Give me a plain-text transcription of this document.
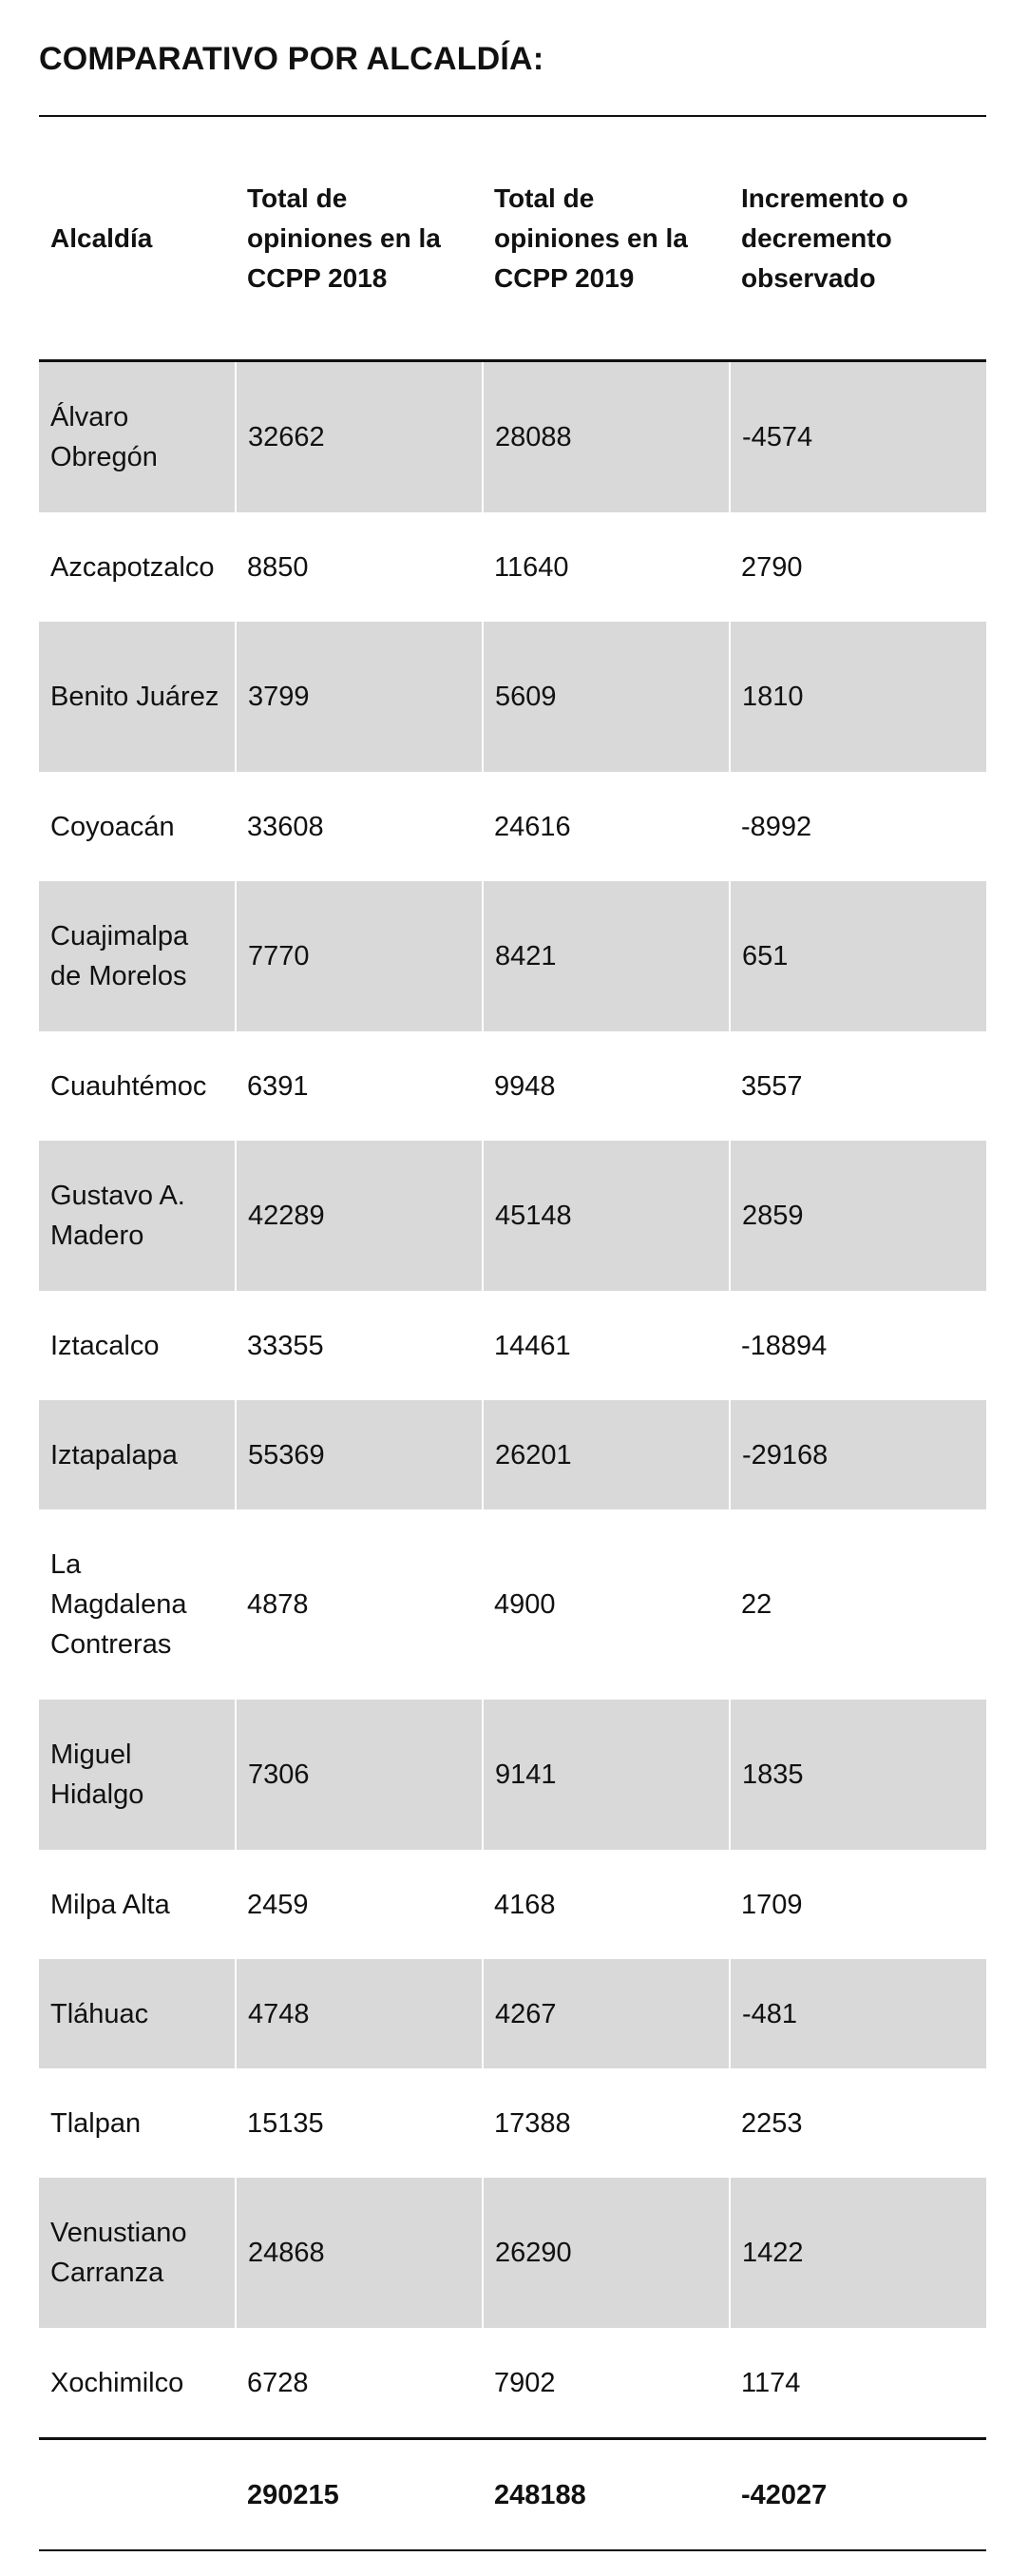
COMPARATIVO POR ALCALDÍA:
Alcaldía	Total de opiniones en la CCPP 2018	Total de opiniones en la CCPP 2019	Incremento o decremento observado
Álvaro Obregón	32662	28088	-4574
Azcapotzalco	8850	11640	2790
Benito Juárez	3799	5609	1810
Coyoacán	33608	24616	-8992
Cuajimalpa de Morelos	7770	8421	651
Cuauhtémoc	6391	9948	3557
Gustavo A. Madero	42289	45148	2859
Iztacalco	33355	14461	-18894
Iztapalapa	55369	26201	-29168
La Magdalena Contreras	4878	4900	22
Miguel Hidalgo	7306	9141	1835
Milpa Alta	2459	4168	1709
Tláhuac	4748	4267	-481
Tlalpan	15135	17388	2253
Venustiano Carranza	24868	26290	1422
Xochimilco	6728	7902	1174
	290215	248188	-42027
